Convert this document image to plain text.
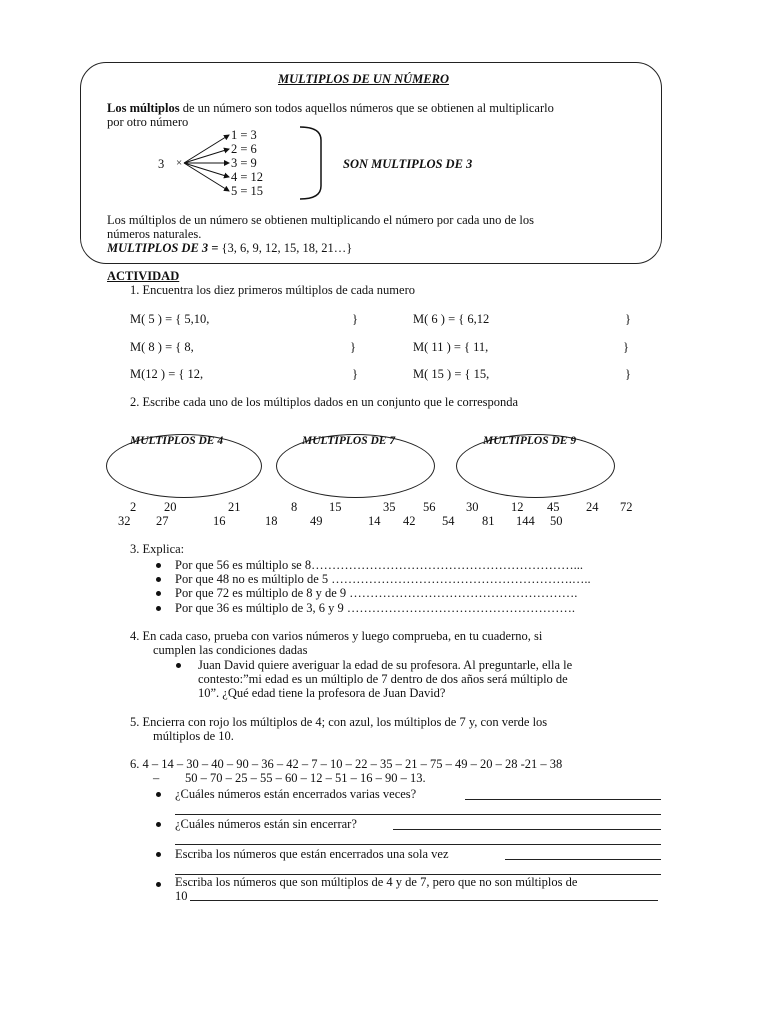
MULTIPLOS DE UN NÚMERO
Los múltiplos de un número son todos aquellos números que se obtienen al multiplicarlo
por otro número
3 ×
1 = 3
2 = 6
3 = 9
4 = 12
5 = 15
SON MULTIPLOS DE 3
Los múltiplos de un número se obtienen multiplicando el número por cada uno de los
números naturales.
MULTIPLOS DE 3 = {3, 6, 9, 12, 15, 18, 21…}
ACTIVIDAD
1. Encuentra los diez primeros múltiplos de cada numero
M( 5 ) = { 5,10,	}	M( 6 ) = { 6,12	}
M( 8 ) = { 8,	}	M( 11 ) = { 11,	}
M(12 ) = { 12,	}	M( 15 ) = { 15,	}
2. Escribe cada uno de los múltiplos dados en un conjunto que le corresponda
MULTIPLOS DE 4	MULTIPLOS DE 7	MULTIPLOS DE 9
2 20	21	8	15	35 56 30	12 45 24 72
32 27	16	18	49	14 42 54 81 144 50
3. Explica:
Por que 56 es múltiplo se 8………………………………………………………...
Por que 48 no es múltiplo de 5 ………………………………………………….…..
Por que 72 es múltiplo de 8 y de 9 ……………………………………………….
Por que 36 es múltiplo de 3, 6 y 9 ……………………………………………….
4. En cada caso, prueba con varios números y luego comprueba, en tu cuaderno, si
cumplen las condiciones dadas
Juan David quiere averiguar la edad de su profesora. Al preguntarle, ella le
contesto:”mi edad es un múltiplo de 7 dentro de dos años será múltiplo de
10”. ¿Qué edad tiene la profesora de Juan David?
5. Encierra con rojo los múltiplos de 4; con azul, los múltiplos de 7 y, con verde los
múltiplos de 10.
6. 4 – 14 – 30 – 40 – 90 – 36 – 42 – 7 – 10 – 22 – 35 – 21 – 75 – 49 – 20 – 28 -21 – 38
– 50 – 70 – 25 – 55 – 60 – 12 – 51 – 16 – 90 – 13.
¿Cuáles números están encerrados varias veces?
¿Cuáles números están sin encerrar?
Escriba los números que están encerrados una sola vez
Escriba los números que son múltiplos de 4 y de 7, pero que no son múltiplos de
10
